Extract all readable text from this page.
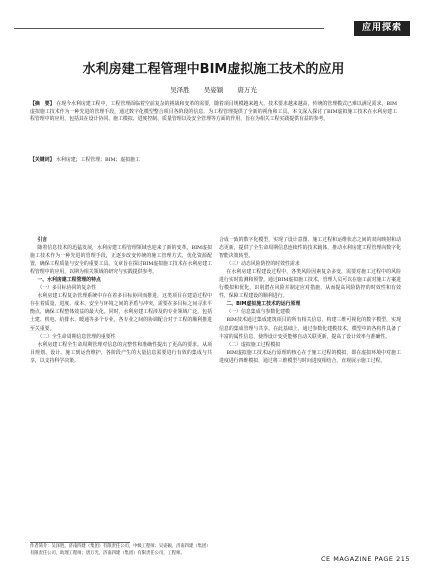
应用探索
水利房建工程管理中BIM虚拟施工技术的应用
吴泽胜 吴姿颖 唐万光
【摘　要】 在现今水利房建工程中，工程管理面临着空前复杂的挑战和变革的需要，随着项目规模越来越大，技术要求越来越高，传统的管理模式已难以满足需求。BIM虚拟施工技术作为一种先进的管理手段，通过数字化模型整合项目各阶段的信息，为工程管理提供了全新的视角和工具。本文深入探讨了BIM虚拟施工技术在水利房建工程管理中的应用，包括其在设计协同、施工模拟、进度控制、质量管理以及安全管理等方面的作用，旨在为相关工程实践提供有益的参考。
【关键词】 水利房建；工程管理；BIM；虚拟施工

引言

随着信息技术的迅猛发展，水利房建工程管理领域也迎来了新的变革。BIM虚拟施工技术作为一种先进的管理手段，正逐步改变传统的施工管理方式，优化资源配置，确保工程质量与安全的重要工具。文章旨在探讨BIM虚拟施工技术在水利房建工程管理中的应用，以期为相关领域的研究与实践提供参考。

一、水利房建工程管理的特点

（一）多目标协同的复杂性

水利房建工程复杂管理系统中存在着多目标协同而推进，这类项目在建造过程中存在着质量、进度、成本、安全与环境之间的矛盾与冲突，需要在多目标之间寻求平衡点，确保工程整体效益的最大化。同时，水利房建工程涉及的专业领域广泛，包括土建、机电、给排水、暖通等多个专业，各专业之间的协调配合对于工程的顺利推进至关重要。

（二）全生命周期信息管理的重要性

水利房建工程全生命周期管理对信息的完整性和准确性提出了更高的要求。从项目规划、设计、施工到运营维护，各阶段产生的大量信息需要进行有效的集成与共享，以支持科学决策。

合成一致的数字化模型，实现了设计意图、施工过程和运维状态之间的双向映射和动态更新，提供了全生命周期信息连续性的技术载体，推动水利房建工程管理向数字化智能决策转型。

（三）动态风险防控的时效性需求

在水利房建工程建设过程中，各类风险因素复杂多变，需要对施工过程中的风险进行实时监测和预警。通过BIM虚拟施工技术，管理人员可以在施工前对施工方案进行模拟和优化，识别潜在风险并制定应对措施，从而提高风险防控的时效性和有效性，保障工程建设的顺利进行。

二、BIM虚拟施工技术的运行原理

（一）信息集成与参数化建模

BIM技术通过集成建筑项目的所有相关信息，构建三维可视化的数字模型，实现信息的集成管理与共享。在此基础上，通过参数化建模技术，模型中的各构件具备了丰富的属性信息，使得设计变更能够自动关联更新，提高了设计效率与准确性。

（二）虚拟施工过程模拟

BIM虚拟施工技术运行原理的核心在于施工过程的模拟，即在虚拟环境中对施工进度进行四维模拟，通过将三维模型与时间进度相结合，直观展示施工过程。

作者简介：吴泽胜，济南四建（集团）有限责任公司，中级工程师；吴姿颖，济南四建（集团）有限责任公司，助理工程师；唐万光，济南四建（集团）有限责任公司，工程师。
CE MAGAZINE PAGE 215
